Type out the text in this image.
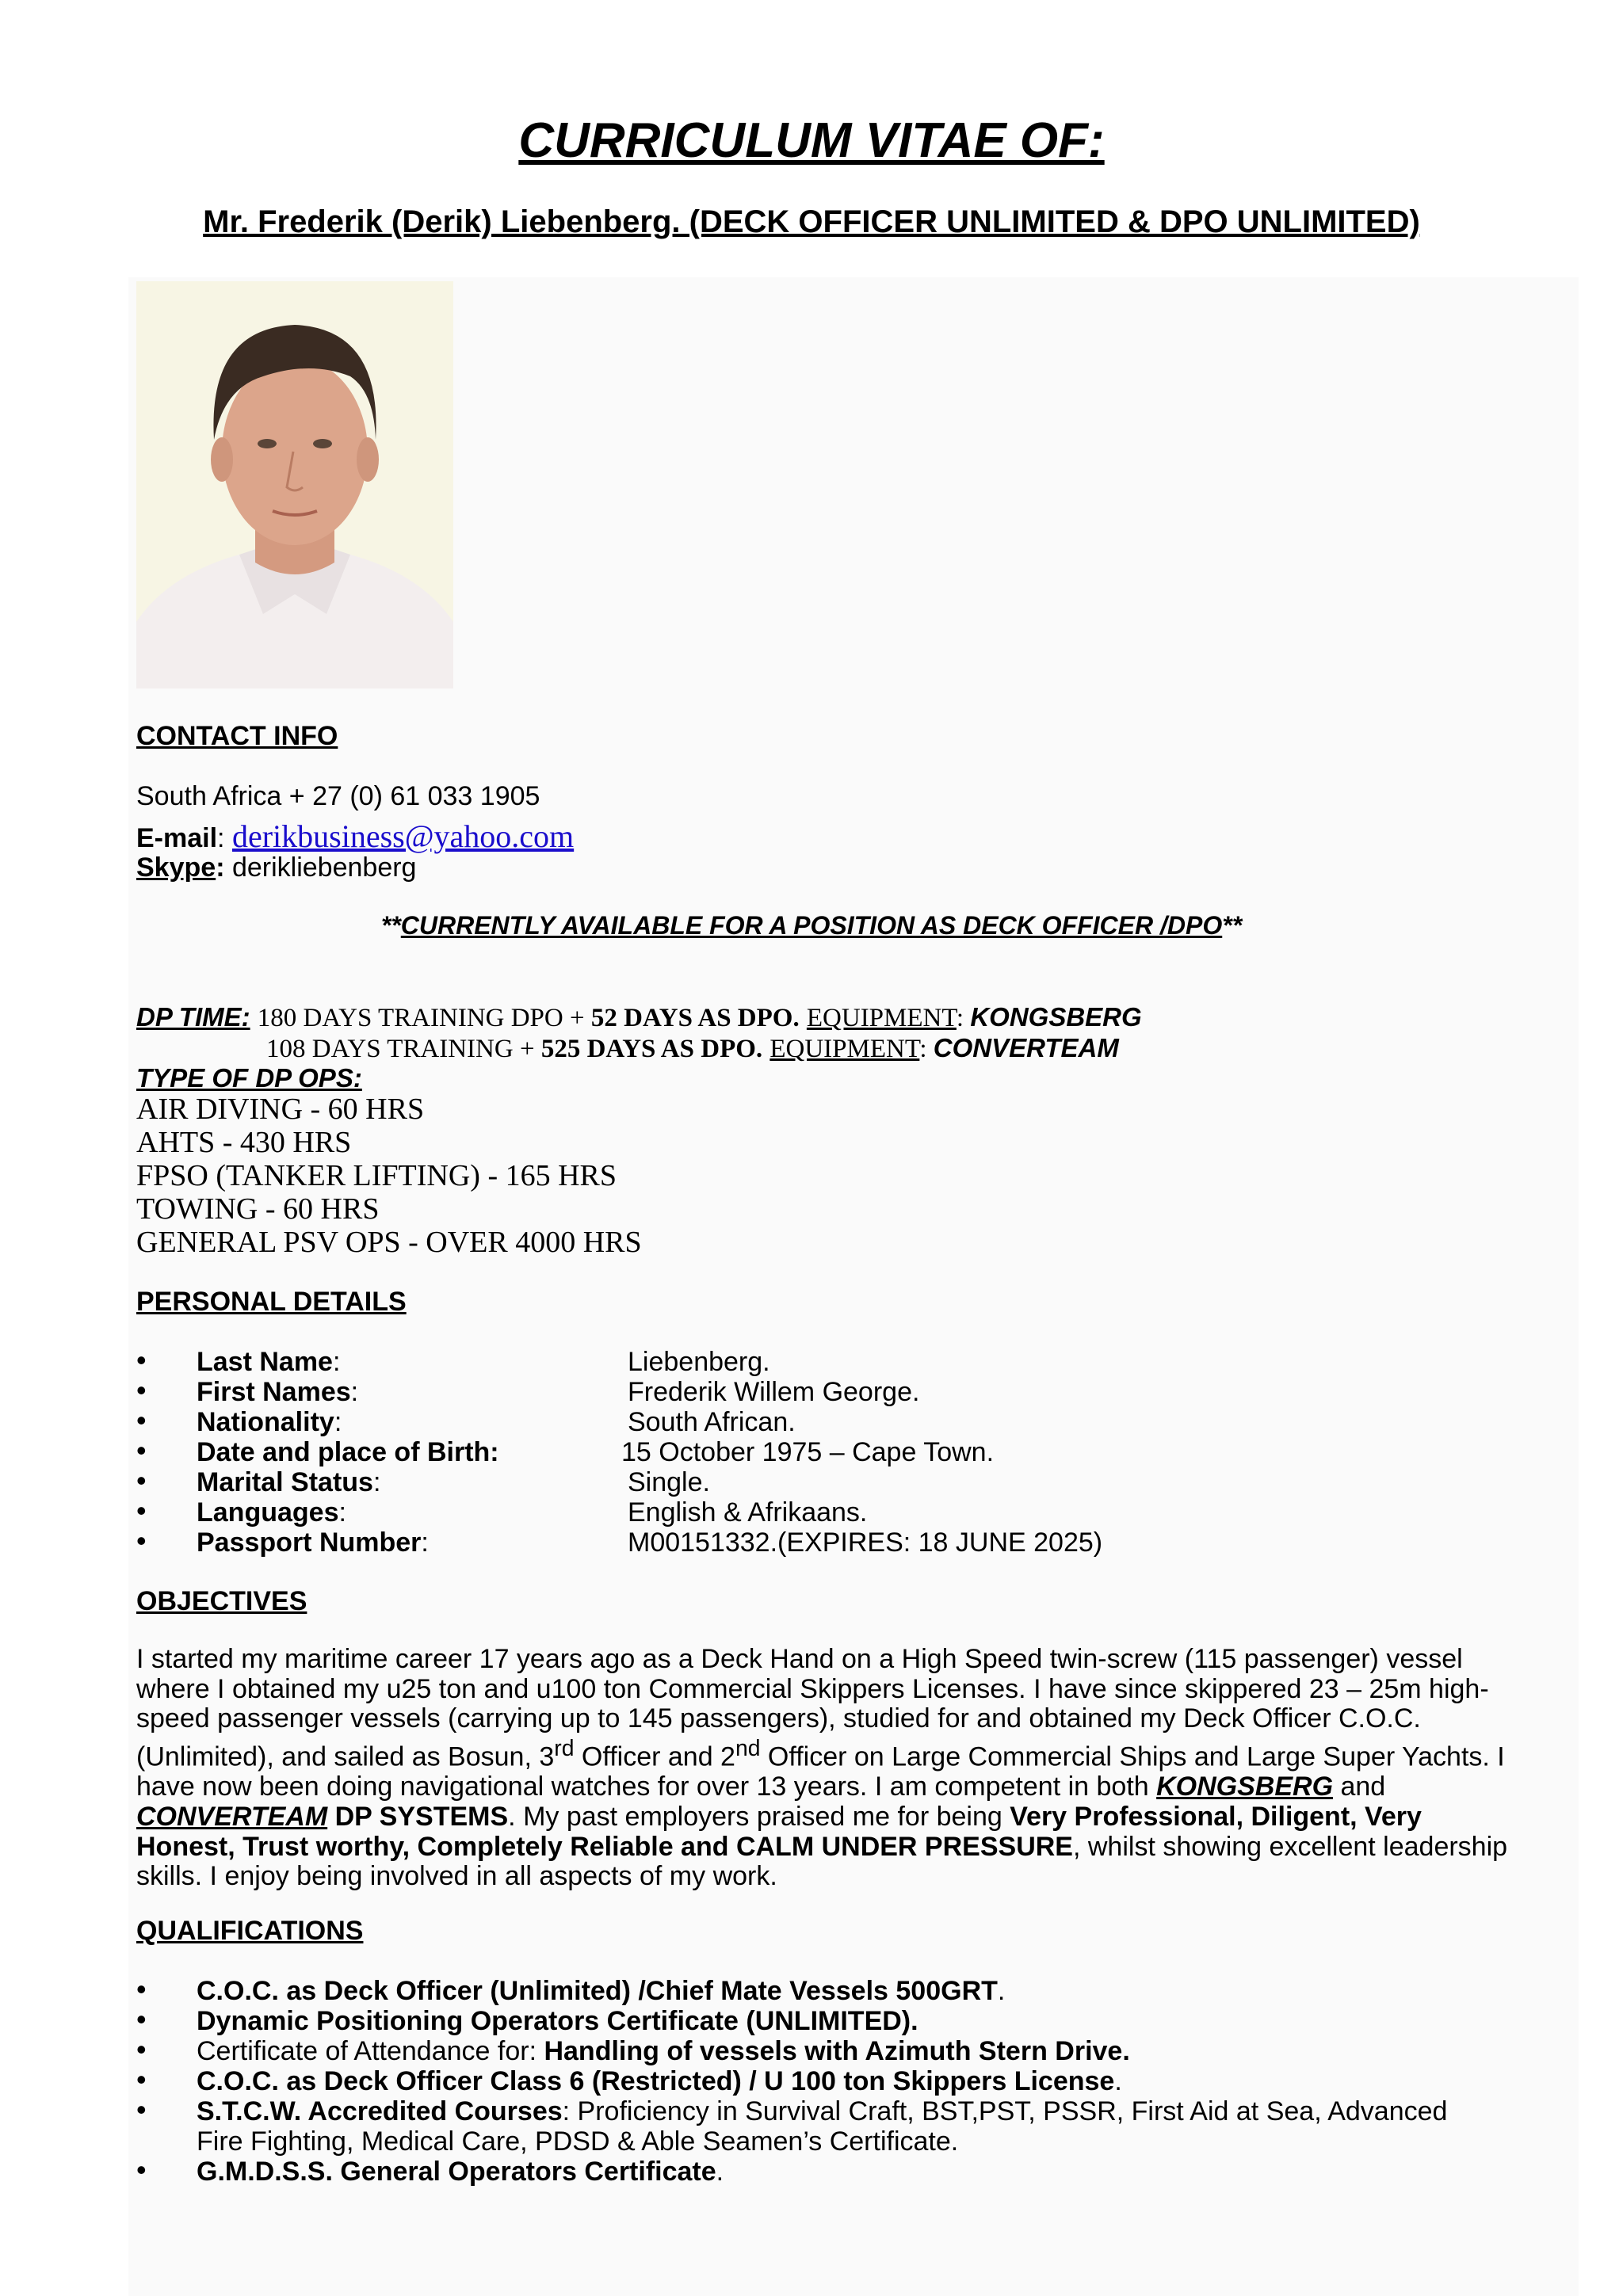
CURRICULUM VITAE OF:
Mr. Frederik (Derik) Liebenberg. (DECK OFFICER UNLIMITED & DPO UNLIMITED)
CONTACT INFO
South Africa + 27 (0) 61 033 1905
E-mail: derikbusiness@yahoo.com
Skype: derikliebenberg
**CURRENTLY AVAILABLE FOR A POSITION AS DECK OFFICER /DPO**
DP TIME: 180 DAYS TRAINING DPO + 52 DAYS AS DPO. EQUIPMENT: KONGSBERG
108 DAYS TRAINING + 525 DAYS AS DPO. EQUIPMENT: CONVERTEAM
TYPE OF DP OPS:
AIR DIVING - 60 HRS
AHTS - 430 HRS
FPSO (TANKER LIFTING) - 165 HRS
TOWING - 60 HRS
GENERAL PSV OPS - OVER 4000 HRS
PERSONAL DETAILS
• Last Name:	Liebenberg.
• First Names:	Frederik Willem George.
• Nationality:	South African.
• Date and place of Birth:	15 October 1975 – Cape Town.
• Marital Status:	Single.
• Languages:	English & Afrikaans.
• Passport Number:	M00151332.(EXPIRES: 18 JUNE 2025)
OBJECTIVES
I started my maritime career 17 years ago as a Deck Hand on a High Speed twin-screw (115 passenger) vessel where I obtained my u25 ton and u100 ton Commercial Skippers Licenses. I have since skippered 23 – 25m high-speed passenger vessels (carrying up to 145 passengers), studied for and obtained my Deck Officer C.O.C. (Unlimited), and sailed as Bosun, 3rd Officer and 2nd Officer on Large Commercial Ships and Large Super Yachts. I have now been doing navigational watches for over 13 years. I am competent in both KONGSBERG and CONVERTEAM DP SYSTEMS. My past employers praised me for being Very Professional, Diligent, Very Honest, Trust worthy, Completely Reliable and CALM UNDER PRESSURE, whilst showing excellent leadership skills. I enjoy being involved in all aspects of my work.
QUALIFICATIONS
• C.O.C. as Deck Officer (Unlimited) /Chief Mate Vessels 500GRT.
• Dynamic Positioning Operators Certificate (UNLIMITED).
• Certificate of Attendance for: Handling of vessels with Azimuth Stern Drive.
• C.O.C. as Deck Officer Class 6 (Restricted) / U 100 ton Skippers License.
• S.T.C.W. Accredited Courses: Proficiency in Survival Craft, BST,PST, PSSR, First Aid at Sea, Advanced
Fire Fighting, Medical Care, PDSD & Able Seamen’s Certificate.
• G.M.D.S.S. General Operators Certificate.
